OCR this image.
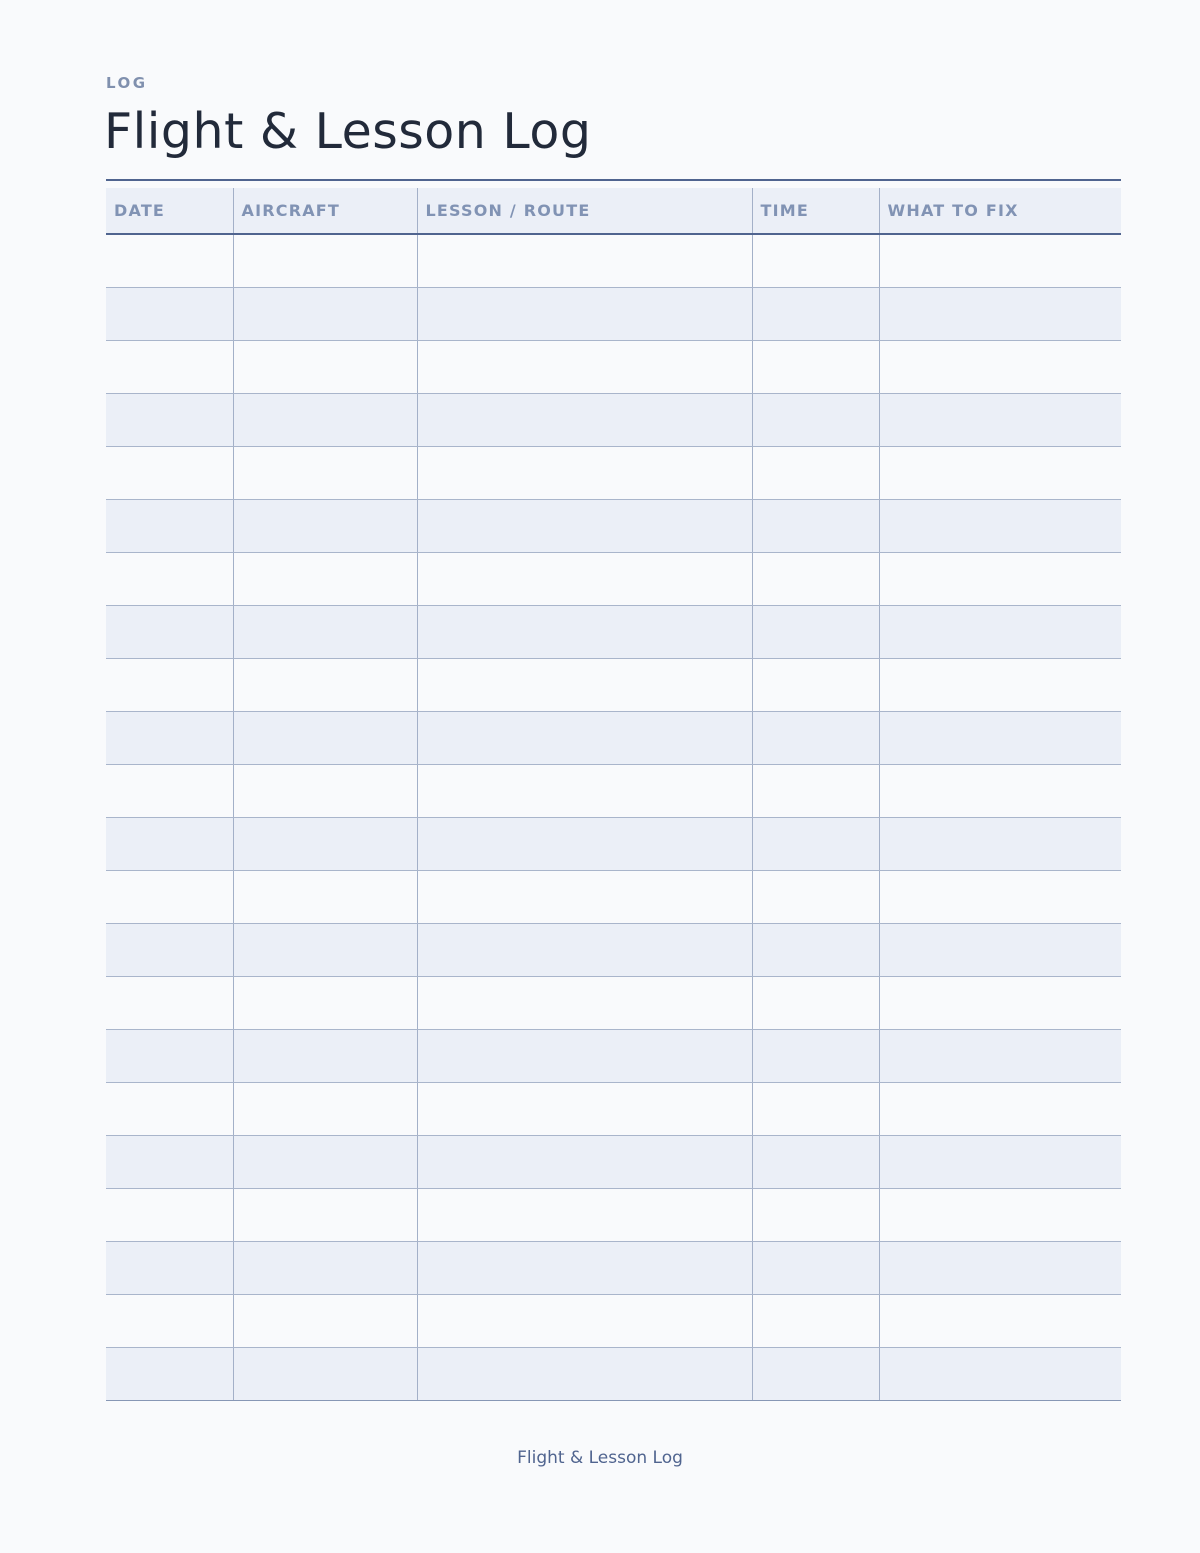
LOG
Flight & Lesson Log
DATE	AIRCRAFT	LESSON / ROUTE	TIME	WHAT TO FIX

Flight & Lesson Log
